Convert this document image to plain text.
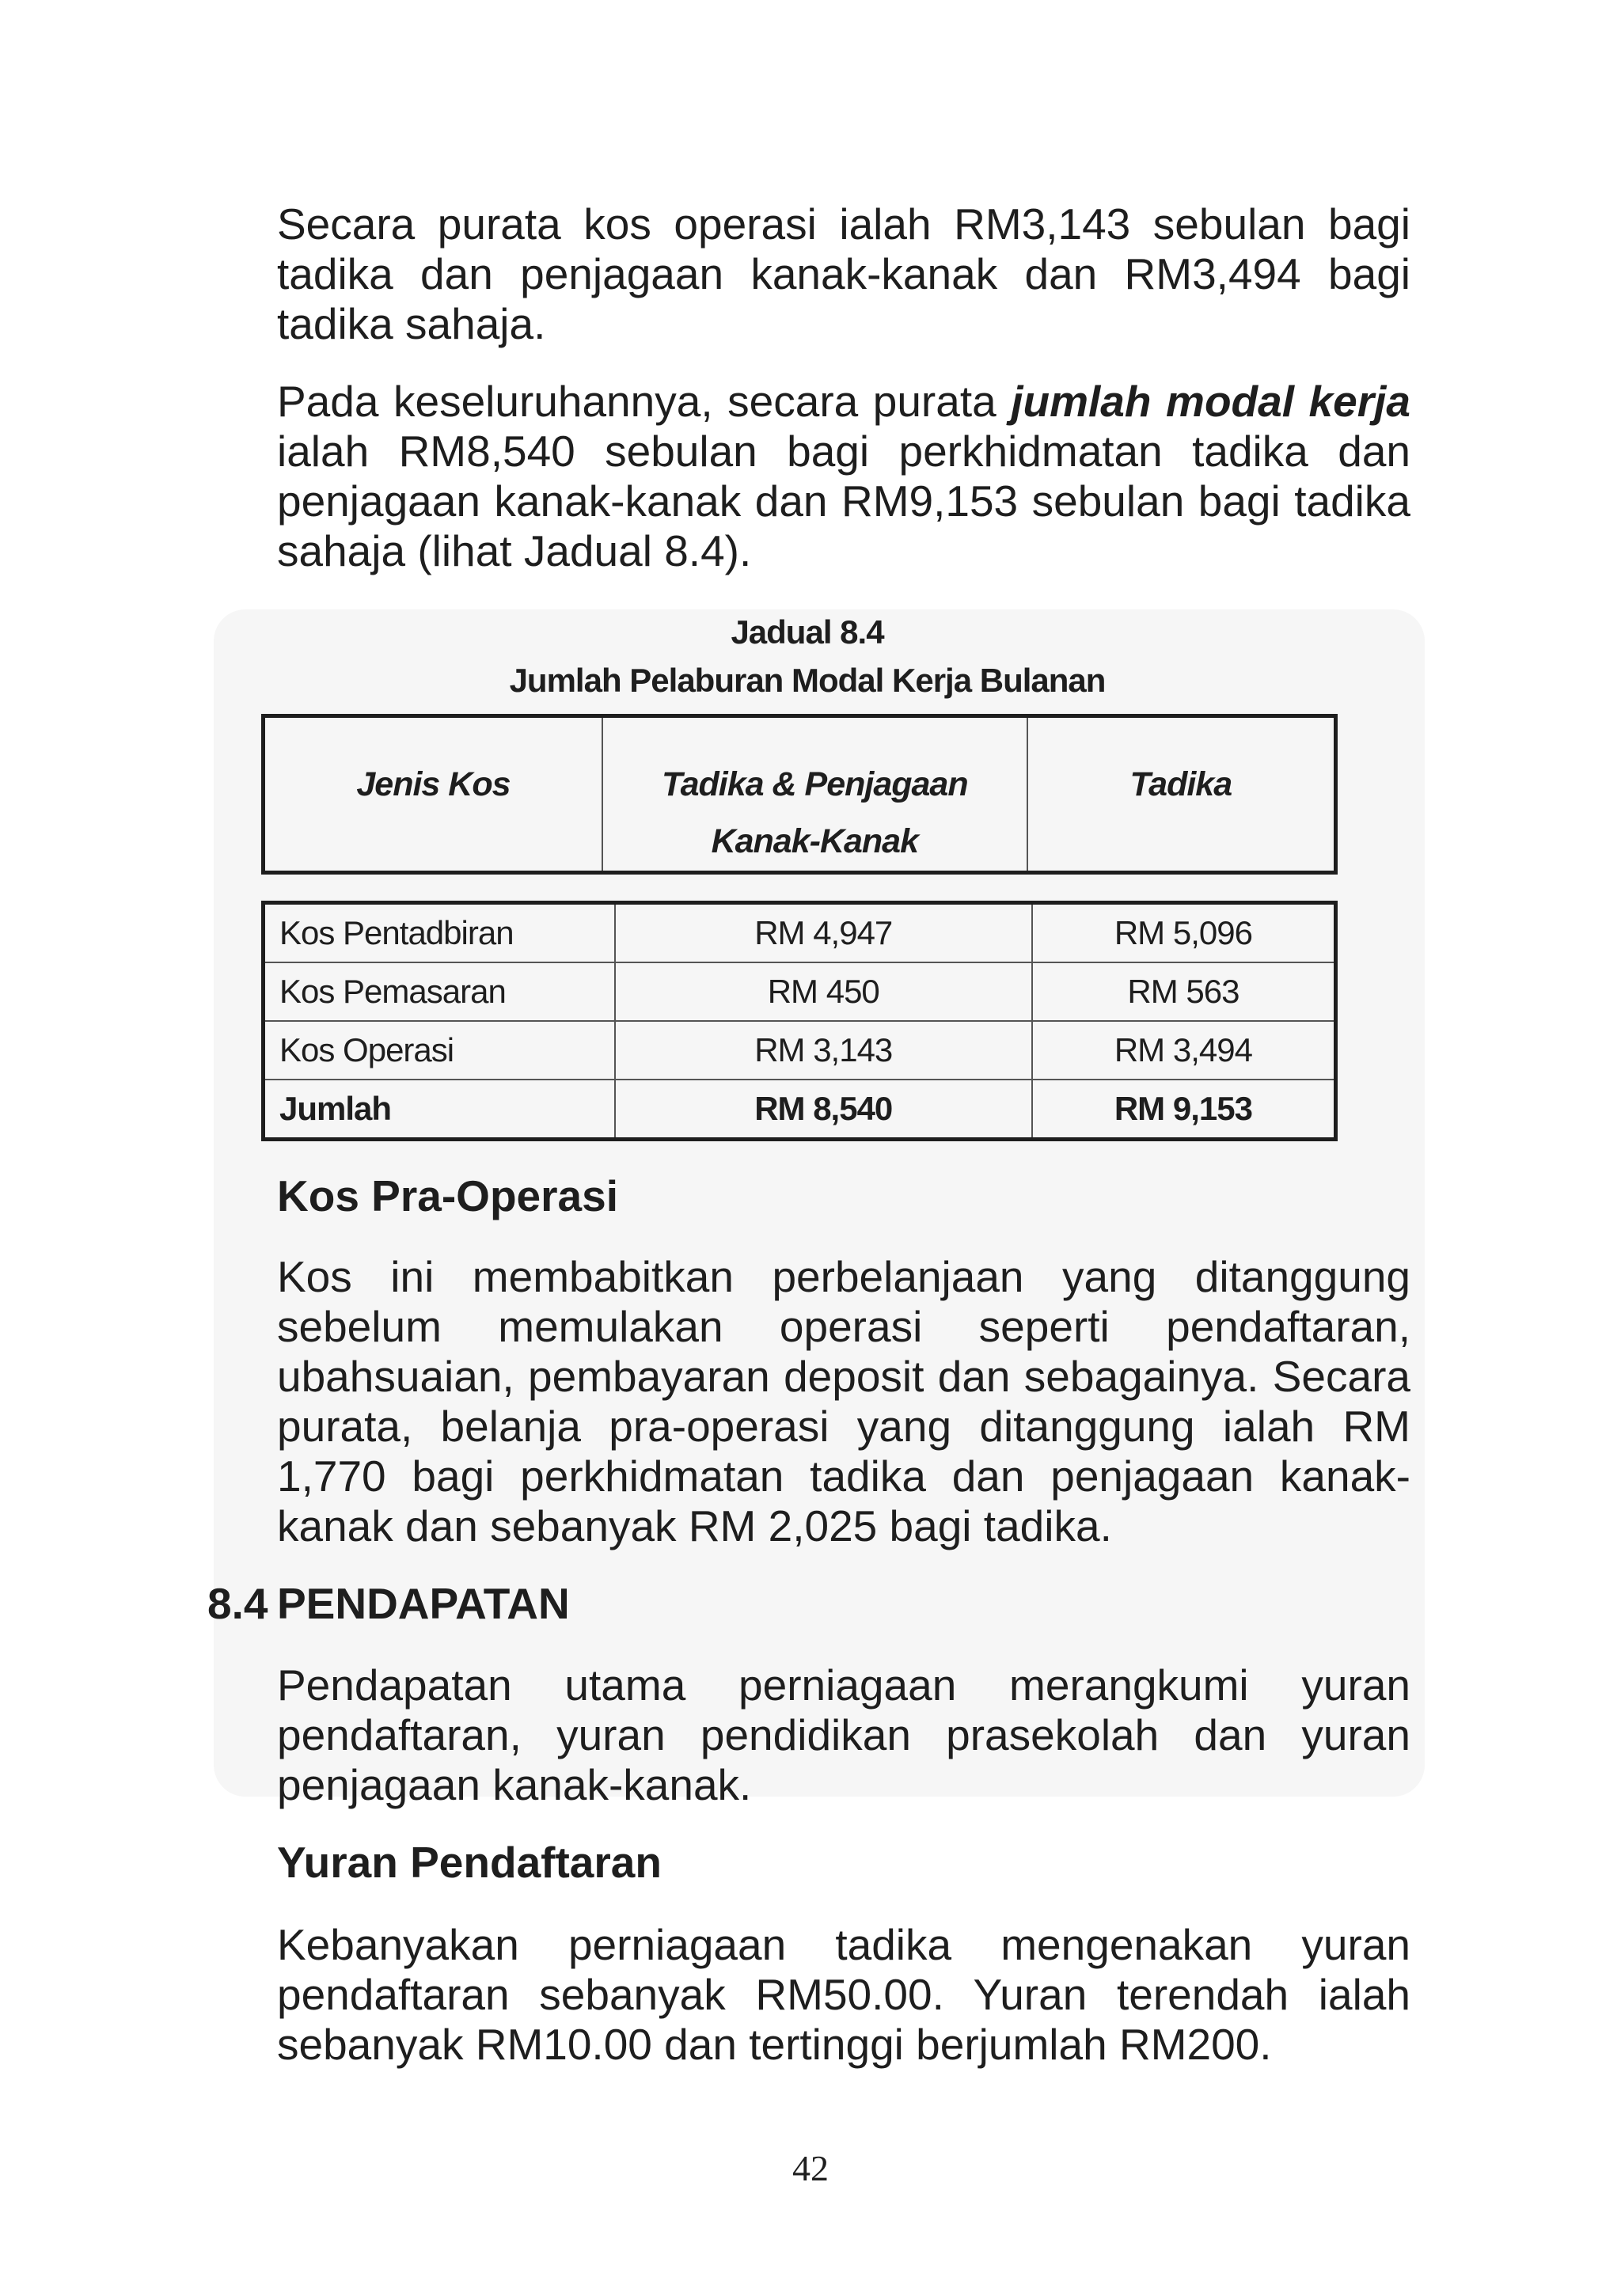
Secara purata kos operasi ialah RM3,143 sebulan bagi tadika dan penjagaan kanak-kanak dan RM3,494 bagi tadika sahaja.

Pada keseluruhannya, secara purata jumlah modal kerja ialah RM8,540 sebulan bagi perkhidmatan tadika dan penjagaan kanak-kanak dan RM9,153 sebulan bagi tadika sahaja (lihat Jadual 8.4).

Jadual 8.4
Jumlah Pelaburan Modal Kerja Bulanan
Jenis Kos	Tadika & Penjagaan Kanak-Kanak	Tadika
Kos Pentadbiran	RM 4,947	RM 5,096
Kos Pemasaran	RM 450	RM 563
Kos Operasi	RM 3,143	RM 3,494
Jumlah	RM 8,540	RM 9,153
Kos Pra-Operasi

Kos ini membabitkan perbelanjaan yang ditanggung sebelum memulakan operasi seperti pendaftaran, ubahsuaian, pembayaran deposit dan sebagainya. Secara purata, belanja pra-operasi yang ditanggung ialah RM 1,770 bagi perkhidmatan tadika dan penjagaan kanak-kanak dan sebanyak RM 2,025 bagi tadika.

8.4 PENDAPATAN

Pendapatan utama perniagaan merangkumi yuran pendaftaran, yuran pendidikan prasekolah dan yuran penjagaan kanak-kanak.

Yuran Pendaftaran

Kebanyakan perniagaan tadika mengenakan yuran pendaftaran sebanyak RM50.00. Yuran terendah ialah sebanyak RM10.00 dan tertinggi berjumlah RM200.

42
